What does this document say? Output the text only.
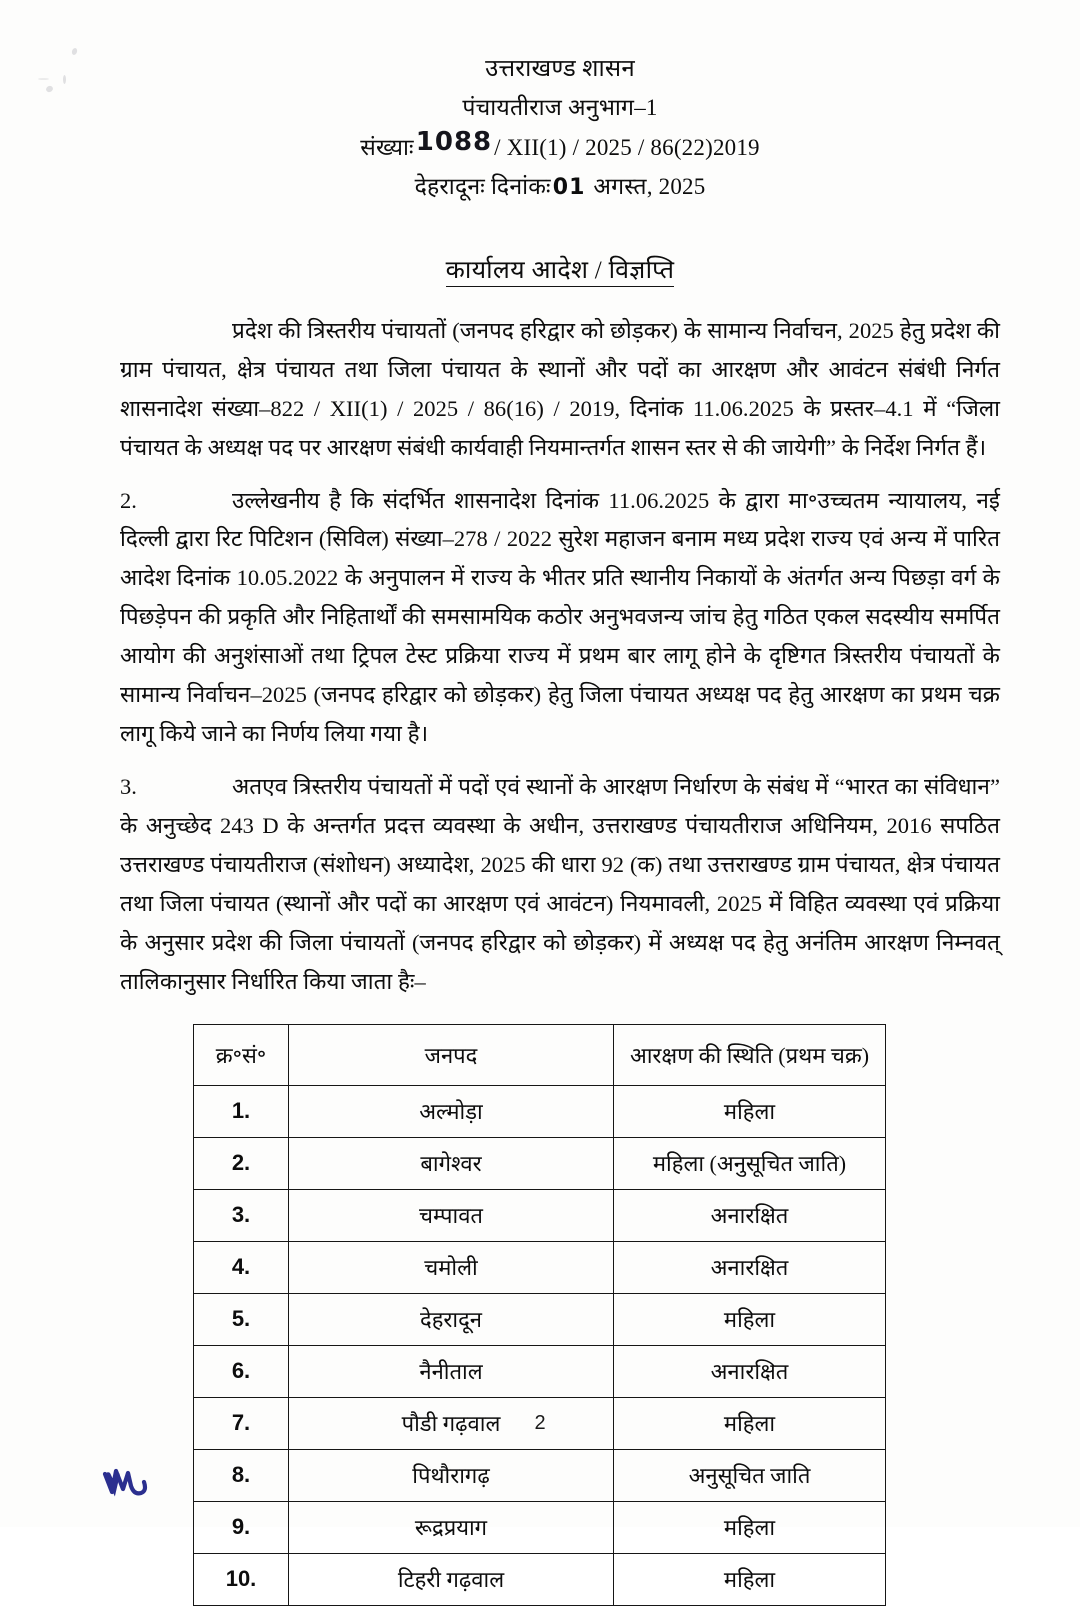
उत्तराखण्ड शासन
पंचायतीराज अनुभाग–1
संख्याः1088/ XII(1) / 2025 / 86(22)2019
देहरादूनः दिनांकः01 अगस्त, 2025
कार्यालय आदेश / विज्ञप्ति

प्रदेश की त्रिस्तरीय पंचायतों (जनपद हरिद्वार को छोड़कर) के सामान्य निर्वाचन, 2025 हेतु प्रदेश की ग्राम पंचायत, क्षेत्र पंचायत तथा जिला पंचायत के स्थानों और पदों का आरक्षण और आवंटन संबंधी निर्गत शासनादेश संख्या–822 / XII(1) / 2025 / 86(16) / 2019, दिनांक 11.06.2025 के प्रस्तर–4.1 में “जिला पंचायत के अध्यक्ष पद पर आरक्षण संबंधी कार्यवाही नियमान्तर्गत शासन स्तर से की जायेगी” के निर्देश निर्गत हैं।

2.	उल्लेखनीय है कि संदर्भित शासनादेश दिनांक 11.06.2025 के द्वारा मा॰उच्चतम न्यायालय, नई दिल्ली द्वारा रिट पिटिशन (सिविल) संख्या–278 / 2022 सुरेश महाजन बनाम मध्य प्रदेश राज्य एवं अन्य में पारित आदेश दिनांक 10.05.2022 के अनुपालन में राज्य के भीतर प्रति स्थानीय निकायों के अंतर्गत अन्य पिछड़ा वर्ग के पिछड़ेपन की प्रकृति और निहितार्थों की समसामयिक कठोर अनुभवजन्य जांच हेतु गठित एकल सदस्यीय समर्पित आयोग की अनुशंसाओं तथा ट्रिपल टेस्ट प्रक्रिया राज्य में प्रथम बार लागू होने के दृष्टिगत त्रिस्तरीय पंचायतों के सामान्य निर्वाचन–2025 (जनपद हरिद्वार को छोड़कर) हेतु जिला पंचायत अध्यक्ष पद हेतु आरक्षण का प्रथम चक्र लागू किये जाने का निर्णय लिया गया है।

3.	अतएव त्रिस्तरीय पंचायतों में पदों एवं स्थानों के आरक्षण निर्धारण के संबंध में “भारत का संविधान” के अनुच्छेद 243 D के अन्तर्गत प्रदत्त व्यवस्था के अधीन, उत्तराखण्ड पंचायतीराज अधिनियम, 2016 सपठित उत्तराखण्ड पंचायतीराज (संशोधन) अध्यादेश, 2025 की धारा 92 (क) तथा उत्तराखण्ड ग्राम पंचायत, क्षेत्र पंचायत तथा जिला पंचायत (स्थानों और पदों का आरक्षण एवं आवंटन) नियमावली, 2025 में विहित व्यवस्था एवं प्रक्रिया के अनुसार प्रदेश की जिला पंचायतों (जनपद हरिद्वार को छोड़कर) में अध्यक्ष पद हेतु अनंतिम आरक्षण निम्नवत् तालिकानुसार निर्धारित किया जाता हैः–

क्र॰सं॰	जनपद	आरक्षण की स्थिति (प्रथम चक्र)
1.	अल्मोड़ा	महिला
2.	बागेश्वर	महिला (अनुसूचित जाति)
3.	चम्पावत	अनारक्षित
4.	चमोली	अनारक्षित
5.	देहरादून	महिला
6.	नैनीताल	अनारक्षित
7.	पौडी गढ़वाल	महिला
8.	पिथौरागढ़	अनुसूचित जाति
9.	रूद्रप्रयाग	महिला
10.	टिहरी गढ़वाल	महिला
2
